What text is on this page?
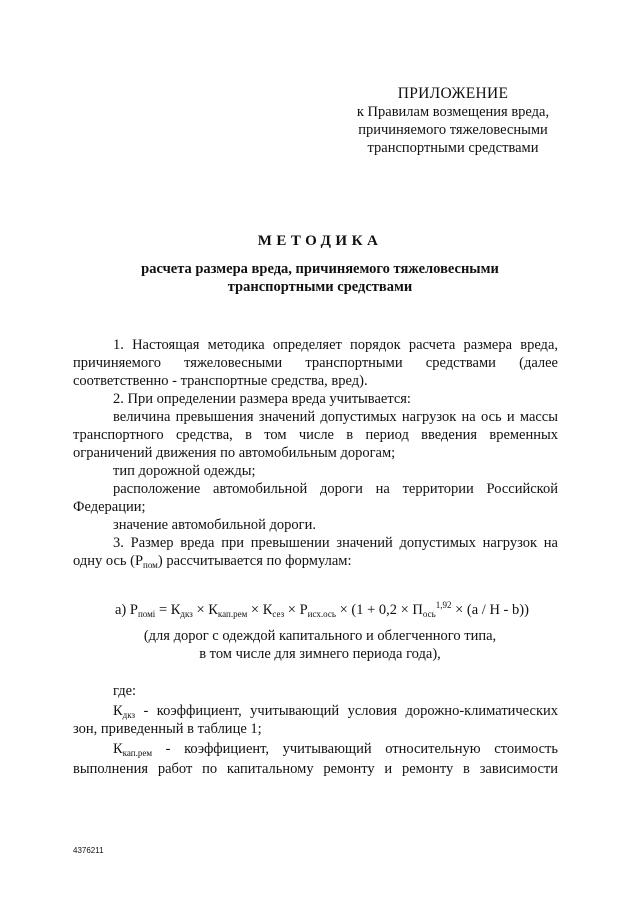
ПРИЛОЖЕНИЕ
к Правилам возмещения вреда,
причиняемого тяжеловесными
транспортными средствами
МЕТОДИКА
расчета размера вреда, причиняемого тяжеловесными
транспортными средствами
1. Настоящая методика определяет порядок расчета размера вреда,
причиняемого тяжеловесными транспортными средствами (далее
соответственно - транспортные средства, вред).
2. При определении размера вреда учитывается:
величина превышения значений допустимых нагрузок на ось и массы
транспортного средства, в том числе в период введения временных
ограничений движения по автомобильным дорогам;
тип дорожной одежды;
расположение автомобильной дороги на территории Российской
Федерации;
значение автомобильной дороги.
3. Размер вреда при превышении значений допустимых нагрузок на
одну ось $(Р_{пом})$ рассчитывается по формулам:
а) $Р_{помі} = К_{дкз} \times К_{кап.рем} \times К_{сез} \times Р_{исх.ось} \times (1 + 0,2 \times П_{ось}^{1,92} \times (а / Н - b))$
(для дорог с одеждой капитального и облегченного типа,
в том числе для зимнего периода года),
где:
$К_{дкз}$ - коэффициент, учитывающий условия дорожно-климатических
зон, приведенный в таблице 1;
$К_{кап.рем}$ - коэффициент, учитывающий относительную стоимость
выполнения работ по капитальному ремонту и ремонту в зависимости
4376211
